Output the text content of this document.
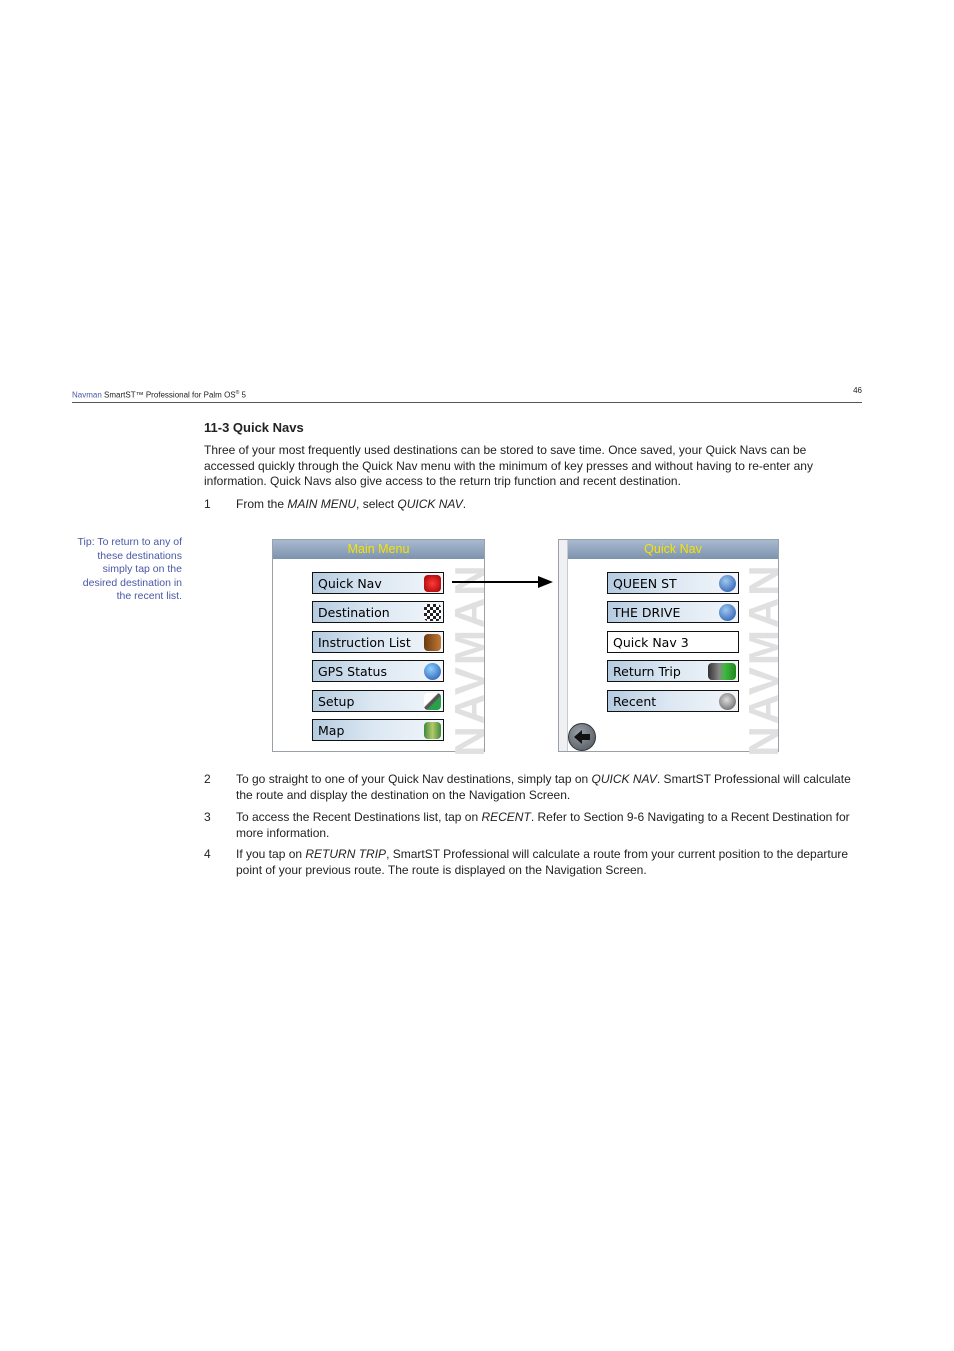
Navman SmartST™ Professional for Palm OS® 5
46
11-3 Quick Navs
Three of your most frequently used destinations can be stored to save time. Once saved, your Quick Navs can be accessed quickly through the Quick Nav menu with the minimum of key presses and without having to re-enter any information. Quick Navs also give access to the return trip function and recent destination.
1 From the MAIN MENU, select QUICK NAV.
Tip: To return to any of these destinations simply tap on the desired destination in the recent list.
Main Menu
NAVMAN
Quick Nav
Destination
Instruction List
GPS Status
Setup
Map
Quick Nav
NAVMAN
QUEEN ST
THE DRIVE
Quick Nav 3
Return Trip
Recent
2 To go straight to one of your Quick Nav destinations, simply tap on QUICK NAV. SmartST Professional will calculate the route and display the destination on the Navigation Screen.
3 To access the Recent Destinations list, tap on RECENT. Refer to Section 9-6 Navigating to a Recent Destination for more information.
4 If you tap on RETURN TRIP, SmartST Professional will calculate a route from your current position to the departure point of your previous route. The route is displayed on the Navigation Screen.
